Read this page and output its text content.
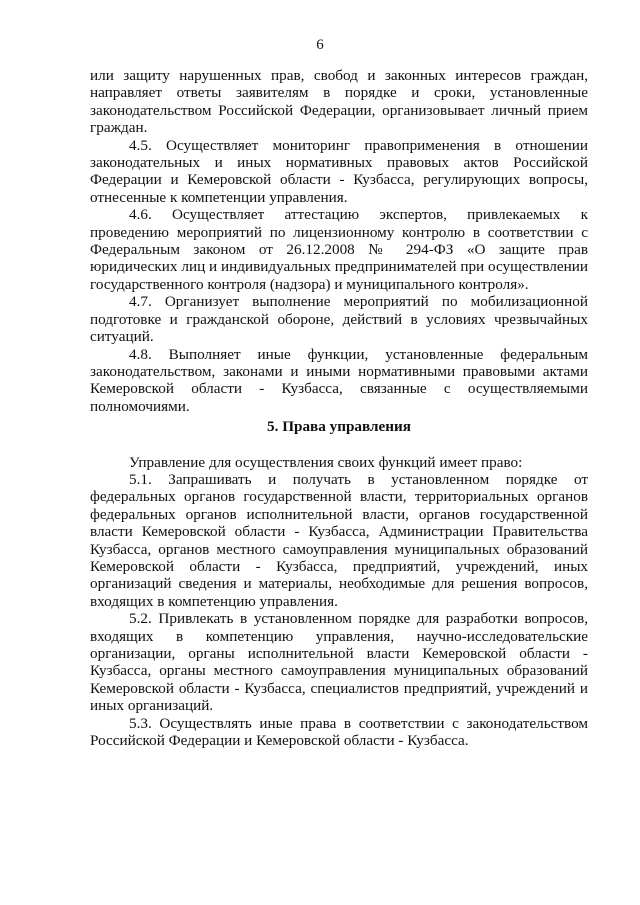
6

или защиту нарушенных прав, свобод и законных интересов граждан, направляет ответы заявителям в порядке и сроки, установленные законодательством Российской Федерации, организовывает личный прием граждан.

4.5. Осуществляет мониторинг правоприменения в отношении законодательных и иных нормативных правовых актов Российской Федерации и Кемеровской области - Кузбасса, регулирующих вопросы, отнесенные к компетенции управления.

4.6. Осуществляет аттестацию экспертов, привлекаемых к проведению мероприятий по лицензионному контролю в соответствии с Федеральным законом от 26.12.2008 № 294-ФЗ «О защите прав юридических лиц и индивидуальных предпринимателей при осуществлении государственного контроля (надзора) и муниципального контроля».

4.7. Организует выполнение мероприятий по мобилизационной подготовке и гражданской обороне, действий в условиях чрезвычайных ситуаций.

4.8. Выполняет иные функции, установленные федеральным законодательством, законами и иными нормативными правовыми актами Кемеровской области - Кузбасса, связанные с осуществляемыми полномочиями.

5. Права управления

Управление для осуществления своих функций имеет право:

5.1. Запрашивать и получать в установленном порядке от федеральных органов государственной власти, территориальных органов федеральных органов исполнительной власти, органов государственной власти Кемеровской области - Кузбасса, Администрации Правительства Кузбасса, органов местного самоуправления муниципальных образований Кемеровской области - Кузбасса, предприятий, учреждений, иных организаций сведения и материалы, необходимые для решения вопросов, входящих в компетенцию управления.

5.2. Привлекать в установленном порядке для разработки вопросов, входящих в компетенцию управления, научно-исследовательские организации, органы исполнительной власти Кемеровской области - Кузбасса, органы местного самоуправления муниципальных образований Кемеровской области - Кузбасса, специалистов предприятий, учреждений и иных организаций.

5.3. Осуществлять иные права в соответствии с законодательством Российской Федерации и Кемеровской области - Кузбасса.
